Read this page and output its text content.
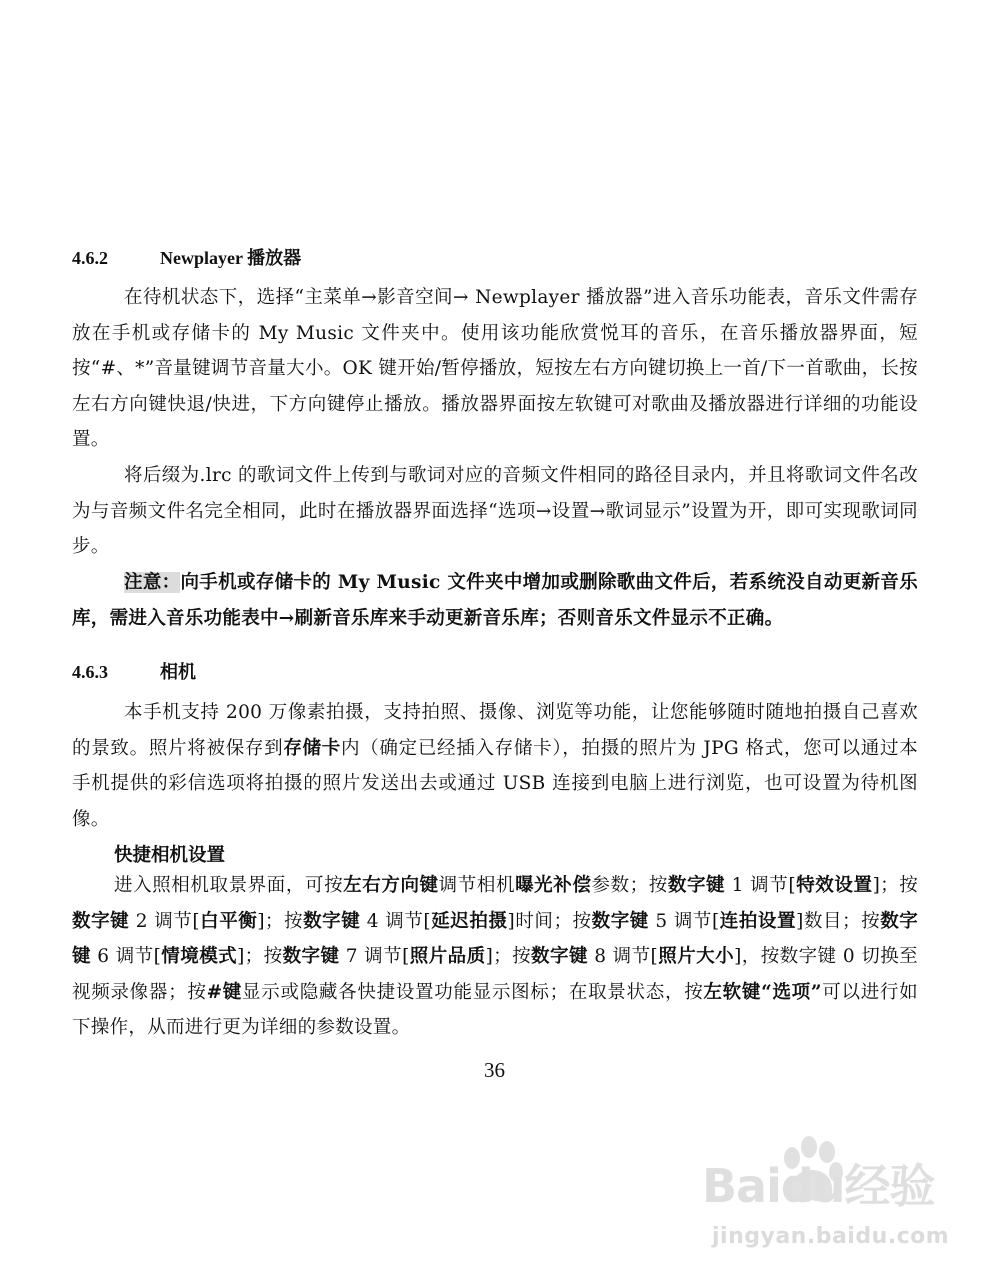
4.6.2	Newplayer 播放器

在待机状态下，选择“主菜单→影音空间→ Newplayer 播放器”进入音乐功能表，音乐文件需存放在手机或存储卡的 My Music 文件夹中。使用该功能欣赏悦耳的音乐，在音乐播放器界面，短按“#、*”音量键调节音量大小。OK 键开始/暂停播放，短按左右方向键切换上一首/下一首歌曲，长按左右方向键快退/快进，下方向键停止播放。播放器界面按左软键可对歌曲及播放器进行详细的功能设置。

将后缀为.lrc 的歌词文件上传到与歌词对应的音频文件相同的路径目录内，并且将歌词文件名改为与音频文件名完全相同，此时在播放器界面选择“选项→设置→歌词显示”设置为开，即可实现歌词同步。

注意：向手机或存储卡的 My Music 文件夹中增加或删除歌曲文件后，若系统没自动更新音乐库，需进入音乐功能表中→刷新音乐库来手动更新音乐库；否则音乐文件显示不正确。

4.6.3	相机

本手机支持 200 万像素拍摄，支持拍照、摄像、浏览等功能，让您能够随时随地拍摄自己喜欢的景致。照片将被保存到存储卡内（确定已经插入存储卡），拍摄的照片为 JPG 格式，您可以通过本手机提供的彩信选项将拍摄的照片发送出去或通过 USB 连接到电脑上进行浏览，也可设置为待机图像。

快捷相机设置

进入照相机取景界面，可按左右方向键调节相机曝光补偿参数；按数字键 1 调节[特效设置]；按数字键 2 调节[白平衡]；按数字键 4 调节[延迟拍摄]时间；按数字键 5 调节[连拍设置]数目；按数字键 6 调节[情境模式]；按数字键 7 调节[照片品质]；按数字键 8 调节[照片大小]，按数字键 0 切换至视频录像器；按#键显示或隐藏各快捷设置功能显示图标；在取景状态，按左软键“选项”可以进行如下操作，从而进行更为详细的参数设置。

36
Baidu经验
jingyan.baidu.com
